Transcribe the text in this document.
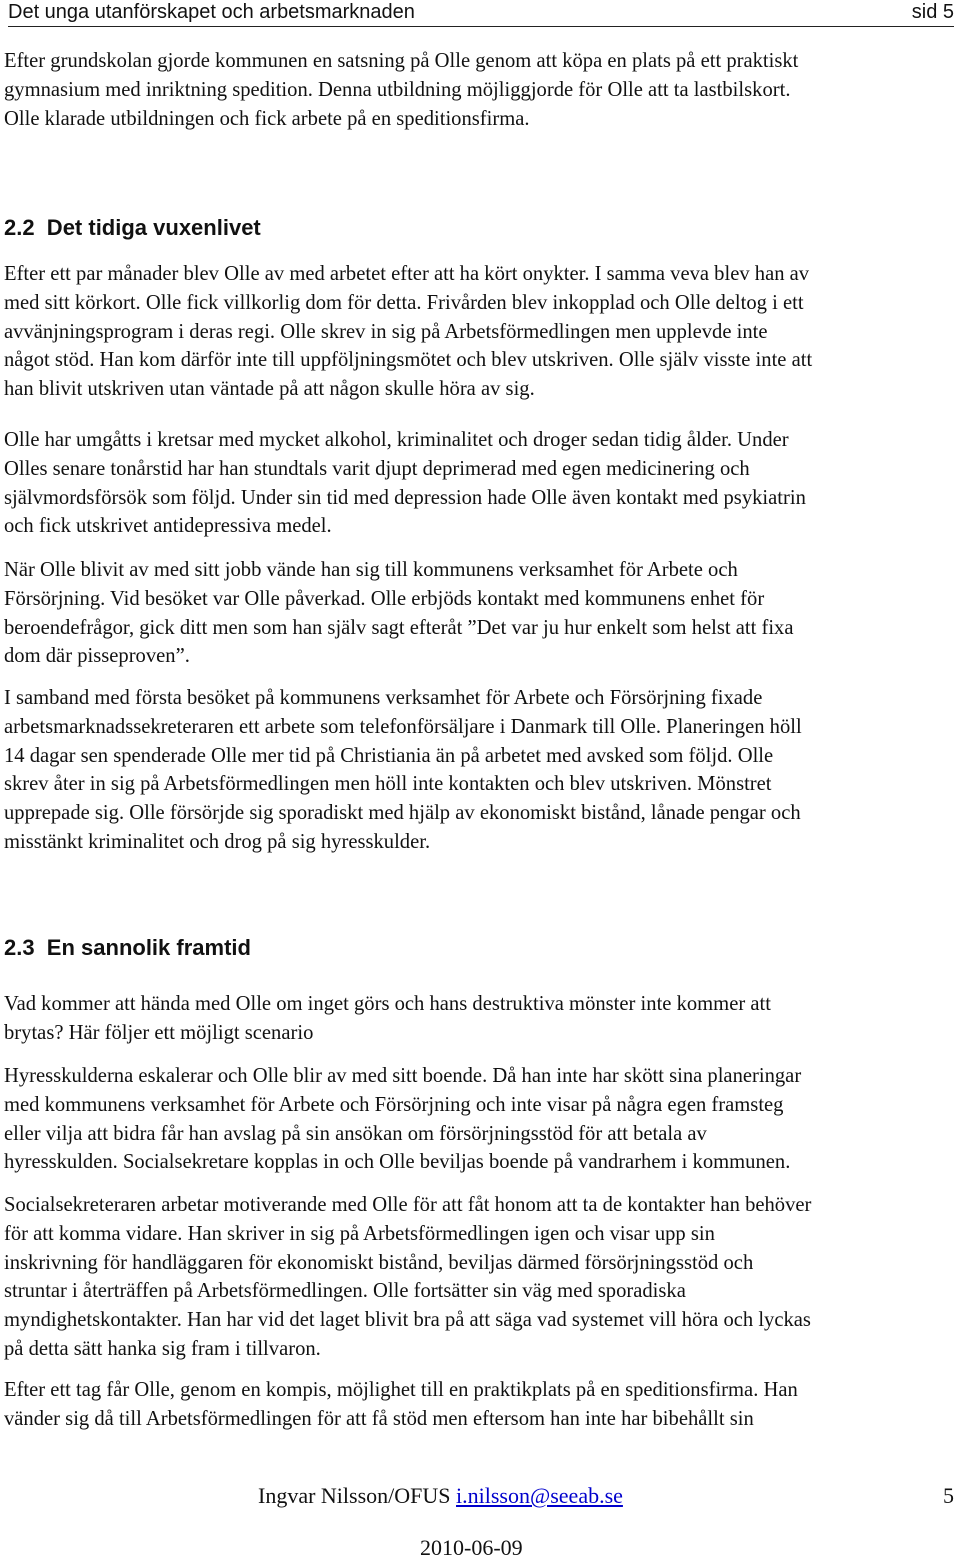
Det unga utanförskapet och arbetsmarknaden	sid 5

Efter grundskolan gjorde kommunen en satsning på Olle genom att köpa en plats på ett praktiskt
gymnasium med inriktning spedition. Denna utbildning möjliggjorde för Olle att ta lastbilskort.
Olle klarade utbildningen och fick arbete på en speditionsfirma.

2.2  Det tidiga vuxenlivet

Efter ett par månader blev Olle av med arbetet efter att ha kört onykter. I samma veva blev han av
med sitt körkort. Olle fick villkorlig dom för detta. Frivården blev inkopplad och Olle deltog i ett
avvänjningsprogram i deras regi. Olle skrev in sig på Arbetsförmedlingen men upplevde inte
något stöd. Han kom därför inte till uppföljningsmötet och blev utskriven. Olle själv visste inte att
han blivit utskriven utan väntade på att någon skulle höra av sig.

Olle har umgåtts i kretsar med mycket alkohol, kriminalitet och droger sedan tidig ålder. Under
Olles senare tonårstid har han stundtals varit djupt deprimerad med egen medicinering och
självmordsförsök som följd. Under sin tid med depression hade Olle även kontakt med psykiatrin
och fick utskrivet antidepressiva medel.

När Olle blivit av med sitt jobb vände han sig till kommunens verksamhet för Arbete och
Försörjning. Vid besöket var Olle påverkad. Olle erbjöds kontakt med kommunens enhet för
beroendefrågor, gick ditt men som han själv sagt efteråt ”Det var ju hur enkelt som helst att fixa
dom där pisseproven”.

I samband med första besöket på kommunens verksamhet för Arbete och Försörjning fixade
arbetsmarknadssekreteraren ett arbete som telefonförsäljare i Danmark till Olle. Planeringen höll
14 dagar sen spenderade Olle mer tid på Christiania än på arbetet med avsked som följd. Olle
skrev åter in sig på Arbetsförmedlingen men höll inte kontakten och blev utskriven. Mönstret
upprepade sig. Olle försörjde sig sporadiskt med hjälp av ekonomiskt bistånd, lånade pengar och
misstänkt kriminalitet och drog på sig hyresskulder.

2.3  En sannolik framtid

Vad kommer att hända med Olle om inget görs och hans destruktiva mönster inte kommer att
brytas? Här följer ett möjligt scenario

Hyresskulderna eskalerar och Olle blir av med sitt boende. Då han inte har skött sina planeringar
med kommunens verksamhet för Arbete och Försörjning och inte visar på några egen framsteg
eller vilja att bidra får han avslag på sin ansökan om försörjningsstöd för att betala av
hyresskulden. Socialsekretare kopplas in och Olle beviljas boende på vandrarhem i kommunen.

Socialsekreteraren arbetar motiverande med Olle för att fåt honom att ta de kontakter han behöver
för att komma vidare. Han skriver in sig på Arbetsförmedlingen igen och visar upp sin
inskrivning för handläggaren för ekonomiskt bistånd, beviljas därmed försörjningsstöd och
struntar i återträffen på Arbetsförmedlingen. Olle fortsätter sin väg med sporadiska
myndighetskontakter. Han har vid det laget blivit bra på att säga vad systemet vill höra och lyckas
på detta sätt hanka sig fram i tillvaron.

Efter ett tag får Olle, genom en kompis, möjlighet till en praktikplats på en speditionsfirma. Han
vänder sig då till Arbetsförmedlingen för att få stöd men eftersom han inte har bibehållt sin

Ingvar Nilsson/OFUS i.nilsson@seeab.se	5
2010-06-09
